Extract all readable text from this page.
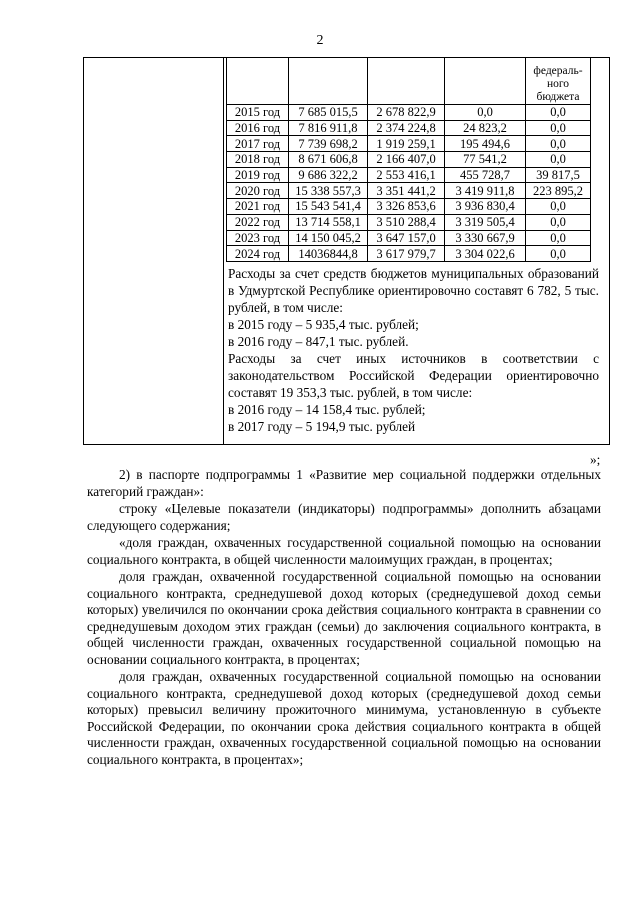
2

				федераль-
ного
бюджета

2015 год	7 685 015,5	2 678 822,9	0,0	0,0
2016 год	7 816 911,8	2 374 224,8	24 823,2	0,0
2017 год	7 739 698,2	1 919 259,1	195 494,6	0,0
2018 год	8 671 606,8	2 166 407,0	77 541,2	0,0
2019 год	9 686 322,2	2 553 416,1	455 728,7	39 817,5
2020 год	15 338 557,3	3 351 441,2	3 419 911,8	223 895,2
2021 год	15 543 541,4	3 326 853,6	3 936 830,4	0,0
2022 год	13 714 558,1	3 510 288,4	3 319 505,4	0,0
2023 год	14 150 045,2	3 647 157,0	3 330 667,9	0,0
2024 год	14036844,8	3 617 979,7	3 304 022,6	0,0

Расходы за счет средств бюджетов муниципальных образований в Удмуртской Республике ориентировочно составят 6 782, 5 тыс. рублей, в том числе:

в 2015 году – 5 935,4 тыс. рублей;

в 2016 году – 847,1 тыс. рублей.

Расходы за счет иных источников в соответствии с законодательством Российской Федерации ориентировочно составят 19 353,3 тыс. рублей, в том числе:

в 2016 году – 14 158,4 тыс. рублей;

в 2017 году – 5 194,9 тыс. рублей

»;

2) в паспорте подпрограммы 1 «Развитие мер социальной поддержки отдельных категорий граждан»:

строку «Целевые показатели (индикаторы) подпрограммы» дополнить абзацами следующего содержания;

«доля граждан, охваченных государственной социальной помощью на основании социального контракта, в общей численности малоимущих граждан, в процентах;

доля граждан, охваченной государственной социальной помощью на основании социального контракта, среднедушевой доход которых (среднедушевой доход семьи которых) увеличился по окончании срока действия социального контракта в сравнении со среднедушевым доходом этих граждан (семьи) до заключения социального контракта, в общей численности граждан, охваченных государственной социальной помощью на основании социального контракта, в процентах;

доля граждан, охваченных государственной социальной помощью на основании социального контракта, среднедушевой доход которых (среднедушевой доход семьи которых) превысил величину прожиточного минимума, установленную в субъекте Российской Федерации, по окончании срока действия социального контракта в общей численности граждан, охваченных государственной социальной помощью на основании социального контракта, в процентах»;
